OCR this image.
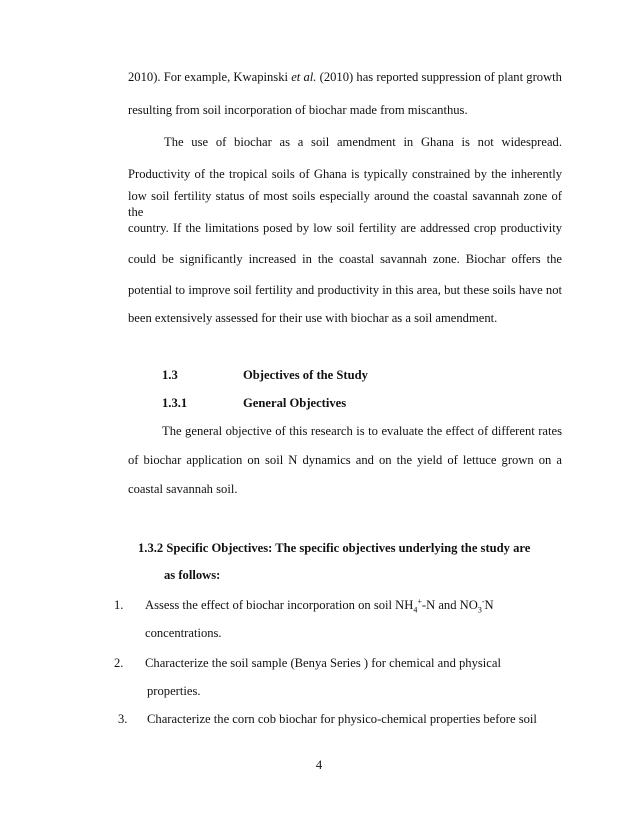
2010). For example, Kwapinski et al. (2010) has reported suppression of plant growth
resulting from soil incorporation of biochar made from miscanthus.
The use of biochar as a soil amendment in Ghana is not widespread.
Productivity of the tropical soils of Ghana is typically constrained by the inherently
low soil fertility status of most soils especially around the coastal savannah zone of the
country. If the limitations posed by low soil fertility are addressed crop productivity
could be significantly increased in the coastal savannah zone. Biochar offers the
potential to improve soil fertility and productivity in this area, but these soils have not
been extensively assessed for their use with biochar as a soil amendment.
1.3	Objectives of the Study
1.3.1	General Objectives
The general objective of this research is to evaluate the effect of different rates
of biochar application on soil N dynamics and on the yield of lettuce grown on a
coastal savannah soil.
1.3.2 Specific Objectives: The specific objectives underlying the study are
as follows:
1. Assess the effect of biochar incorporation on soil $NH_4^+-N$ and $NO_3^-N$
concentrations.
2. Characterize the soil sample (Benya Series ) for chemical and physical
properties.
3. Characterize the corn cob biochar for physico-chemical properties before soil
4
